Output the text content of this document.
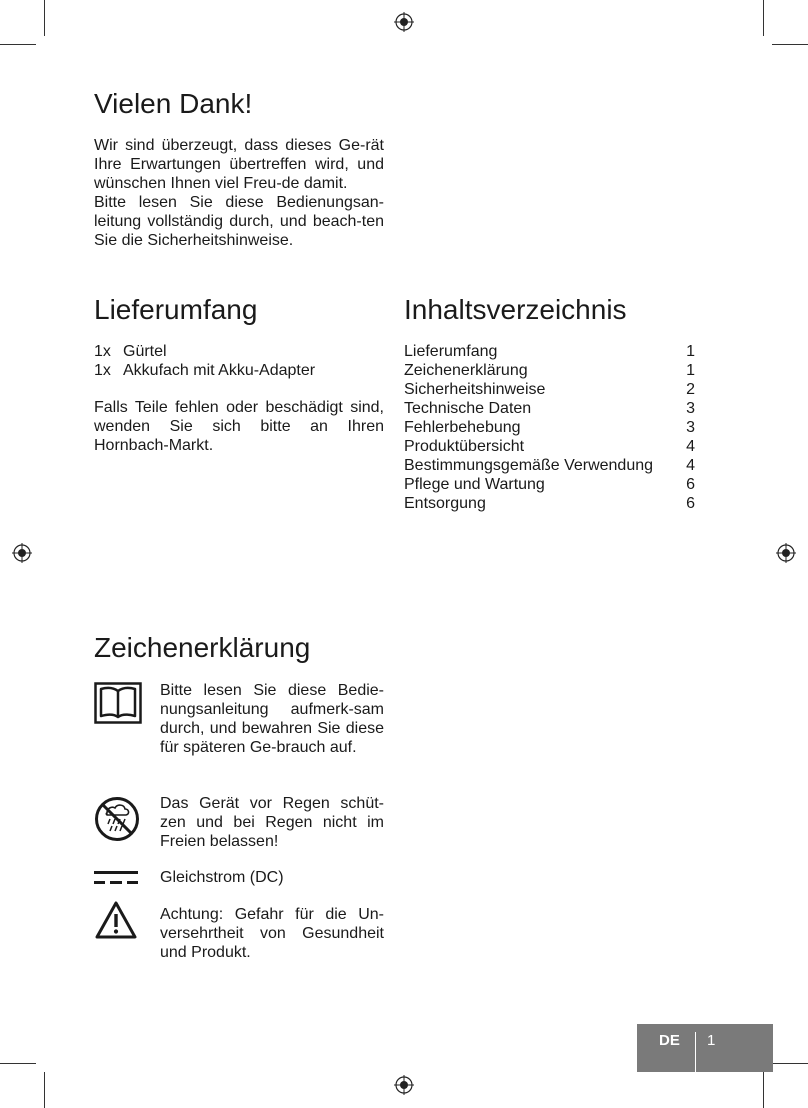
Vielen Dank!

Wir sind überzeugt, dass dieses Ge-rät Ihre Erwartungen übertreffen wird, und wünschen Ihnen viel Freu-de damit.

Bitte lesen Sie diese Bedienungsan-leitung vollständig durch, und beach-ten Sie die Sicherheitshinweise.

Lieferumfang
1x Gürtel
1x Akkufach mit Akku-Adapter

Falls Teile fehlen oder beschädigt sind, wenden Sie sich bitte an Ihren Hornbach-Markt.

Inhaltsverzeichnis
Lieferumfang	1
Zeichenerklärung	1
Sicherheitshinweise	2
Technische Daten	3
Fehlerbehebung	3
Produktübersicht	4
Bestimmungsgemäße Verwendung 4
Pflege und Wartung	6
Entsorgung	6
Zeichenerklärung
Bitte lesen Sie diese Bedie-nungsanleitung aufmerk-sam durch, und bewahren Sie diese für späteren Ge-brauch auf.
Das Gerät vor Regen schüt-zen und bei Regen nicht im Freien belassen!
Gleichstrom (DC)
Achtung: Gefahr für die Un-versehrtheit von Gesundheit und Produkt.
DE 1
